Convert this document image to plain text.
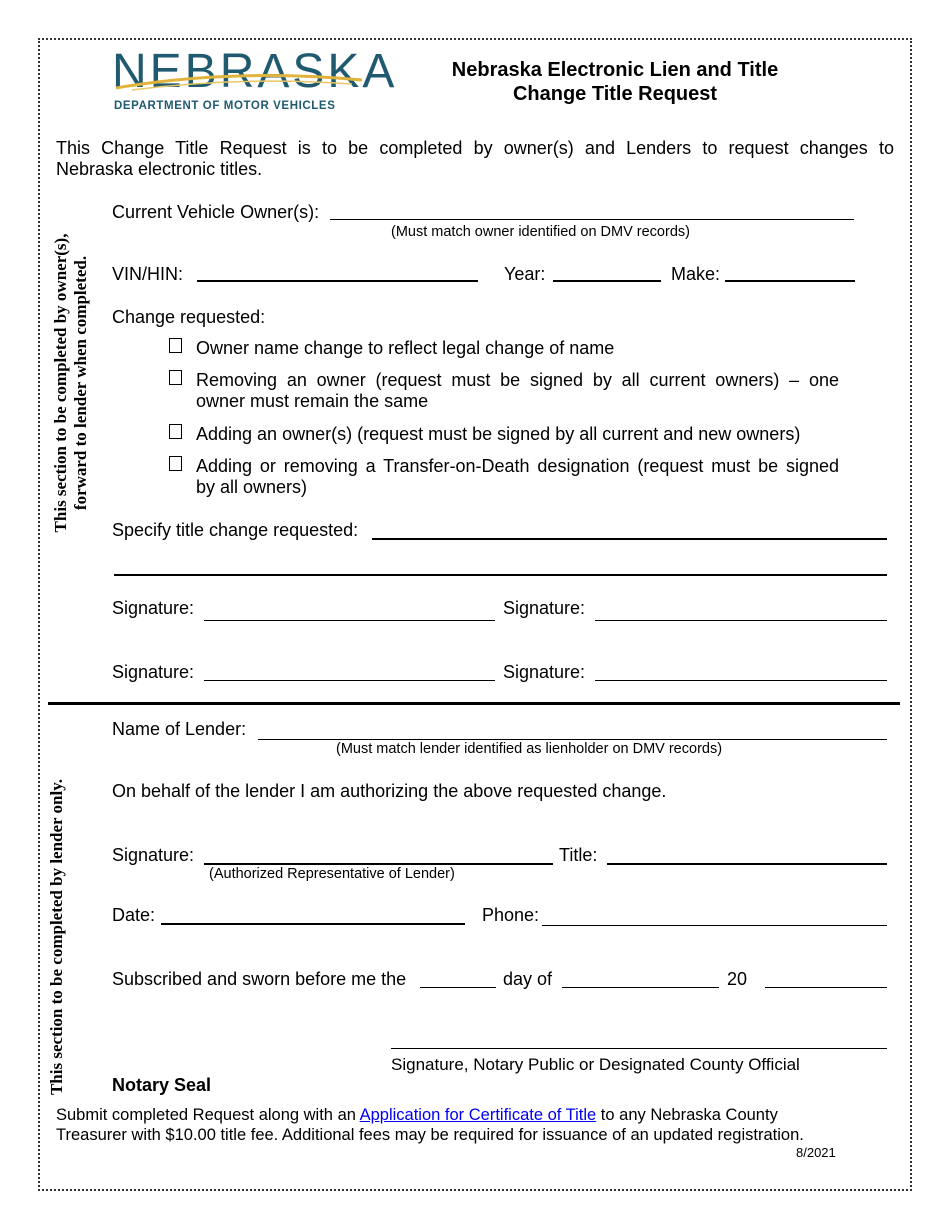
NEBRASKA
DEPARTMENT OF MOTOR VEHICLES
Nebraska Electronic Lien and Title
Change Title Request
This Change Title Request is to be completed by owner(s) and Lenders to request changes to
Nebraska electronic titles.
This section to be completed by owner(s), forward to lender when completed.
Current Vehicle Owner(s):
(Must match owner identified on DMV records)
VIN/HIN:	Year:	Make:
Change requested:
Owner name change to reflect legal change of name
Removing an owner (request must be signed by all current owners) – one
owner must remain the same
Adding an owner(s) (request must be signed by all current and new owners)
Adding or removing a Transfer-on-Death designation (request must be signed
by all owners)
Specify title change requested:
Signature:	Signature:
Signature:	Signature:
This section to be completed by lender only.
Name of Lender:
(Must match lender identified as lienholder on DMV records)
On behalf of the lender I am authorizing the above requested change.
Signature:
(Authorized Representative of Lender)
Title:
Date:	Phone:
Subscribed and sworn before me the	day of	20
Signature, Notary Public or Designated County Official
Notary Seal
Submit completed Request along with an Application for Certificate of Title to any Nebraska County
Treasurer with $10.00 title fee. Additional fees may be required for issuance of an updated registration.
8/2021
